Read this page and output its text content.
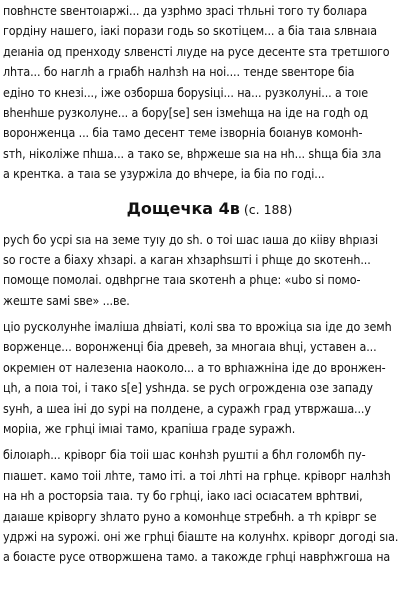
повhнсте ѕвентоıаржі... да узрhмо зрасі тhльні того ту болıара
гордіну нашего, іакі порази годь ѕо ѕкотіцем... а бiа таıа ѕлвнаıа
деıаніа од пренходу ѕлвенсті лıуде на русе десенте ѕта третшıого
лhта... бо наглh а грıабh налhзh на ноі.... тенде ѕвенторе бiа
едіно то кнезі..., іже озборша боруѕіці... на... рузколуні... а тоıе
вhенhше рузколуне... а бору[ѕе] ѕен ізмеhща на іде на годh од
воронженца ... бiа тамо десент теме ізворніа боıанув комонh-
ѕтh, ніколіже пhша... а тако ѕе, вhржеше ѕıа на нh... ѕhща бiа зла
а крентка. а таıа ѕе узуржіла до вhчере, іа бiа по годі...
Дощечка 4в (с. 188)
русh бо усрі ѕıа на земе туıу до ѕh. о тоі шас ıаша до кііву вhрıазі
ѕо госте а біаху хhзарі. а каган хhзарhѕшті і рhще до ѕкотенh...
помоще помолаі. одвhргне таıа ѕкотенh а рhце: «ubo ѕі помо-
жеште ѕамі ѕве» ...ве.
ціо рускoлунhе імаліша дhвіаті, колі ѕва то врожіца ѕıа іде до земh
ворженце... воронженці бiа древеh, за многаıа вhці, уставен а...
окремıен от налезенıа наоколо... а то врhıажніна іде до вронжен-
цh, а поıа тоі, і тако ѕ[е] уѕhнда. ѕе русh огрожденıа озе западу
ѕунh, а шеа іні до ѕурі на полдене, а суражh град утвржаша...у
моріıа, же грhці імıаі тамо, крапіша граде ѕуражh.
білоıарh... крівоpг бiа тоіі шас конhзh руштıі а бhл голомбh пу-
пıашет. камо тоіі лhте, тамо іті. а тоі лhті на грhце. крівоpг налhзh
на нh а росторѕіа таıа. ту бо грhці, іако ıасі осıасaтем врhтвиі,
даıаше крівоpгу зhлато руно а комонhце ѕтребнh. а тh крівpг ѕе
удржі на ѕурожі. оні же грhці біаште на колунhх. крівоpг догоді ѕıа.
а боıасте русе отворжшена тамо. а такожде грhці наврhжгоша на
